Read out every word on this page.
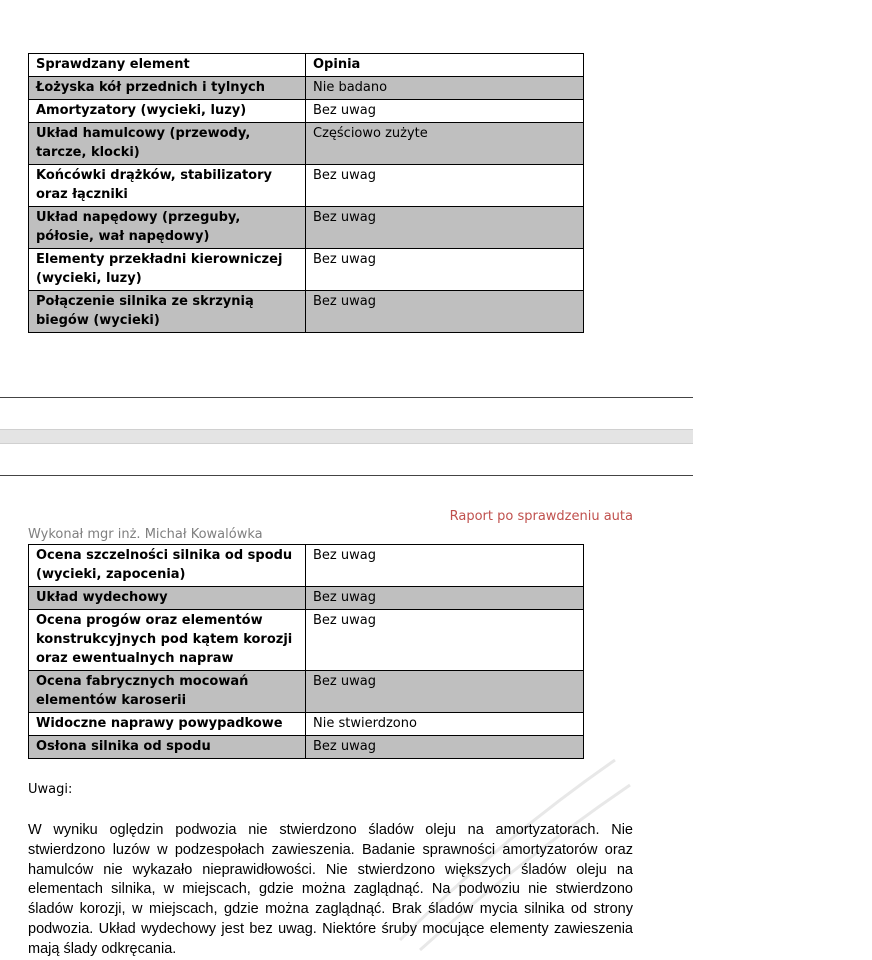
Sprawdzany element	Opinia
Łożyska kół przednich i tylnych	Nie badano
Amortyzatory (wycieki, luzy)	Bez uwag
Układ hamulcowy (przewody, tarcze, klocki)	Częściowo zużyte
Końcówki drążków, stabilizatory oraz łączniki	Bez uwag
Układ napędowy (przeguby, półosie, wał napędowy)	Bez uwag
Elementy przekładni kierowniczej (wycieki, luzy)	Bez uwag
Połączenie silnika ze skrzynią biegów (wycieki)	Bez uwag
Raport po sprawdzeniu auta
Wykonał mgr inż. Michał Kowalówka
Ocena szczelności silnika od spodu (wycieki, zapocenia)	Bez uwag
Układ wydechowy	Bez uwag
Ocena progów oraz elementów konstrukcyjnych pod kątem korozji oraz ewentualnych napraw	Bez uwag
Ocena fabrycznych mocowań elementów karoserii	Bez uwag
Widoczne naprawy powypadkowe	Nie stwierdzono
Osłona silnika od spodu	Bez uwag
Uwagi:
W wyniku oględzin podwozia nie stwierdzono śladów oleju na amortyzatorach. Nie stwierdzono luzów w podzespołach zawieszenia. Badanie sprawności amortyzatorów oraz hamulców nie wykazało nieprawidłowości. Nie stwierdzono większych śladów oleju na elementach silnika, w miejscach, gdzie można zaglądnąć. Na podwoziu nie stwierdzono śladów korozji, w miejscach, gdzie można zaglądnąć. Brak śladów mycia silnika od strony podwozia. Układ wydechowy jest bez uwag. Niektóre śruby mocujące elementy zawieszenia mają ślady odkręcania.
